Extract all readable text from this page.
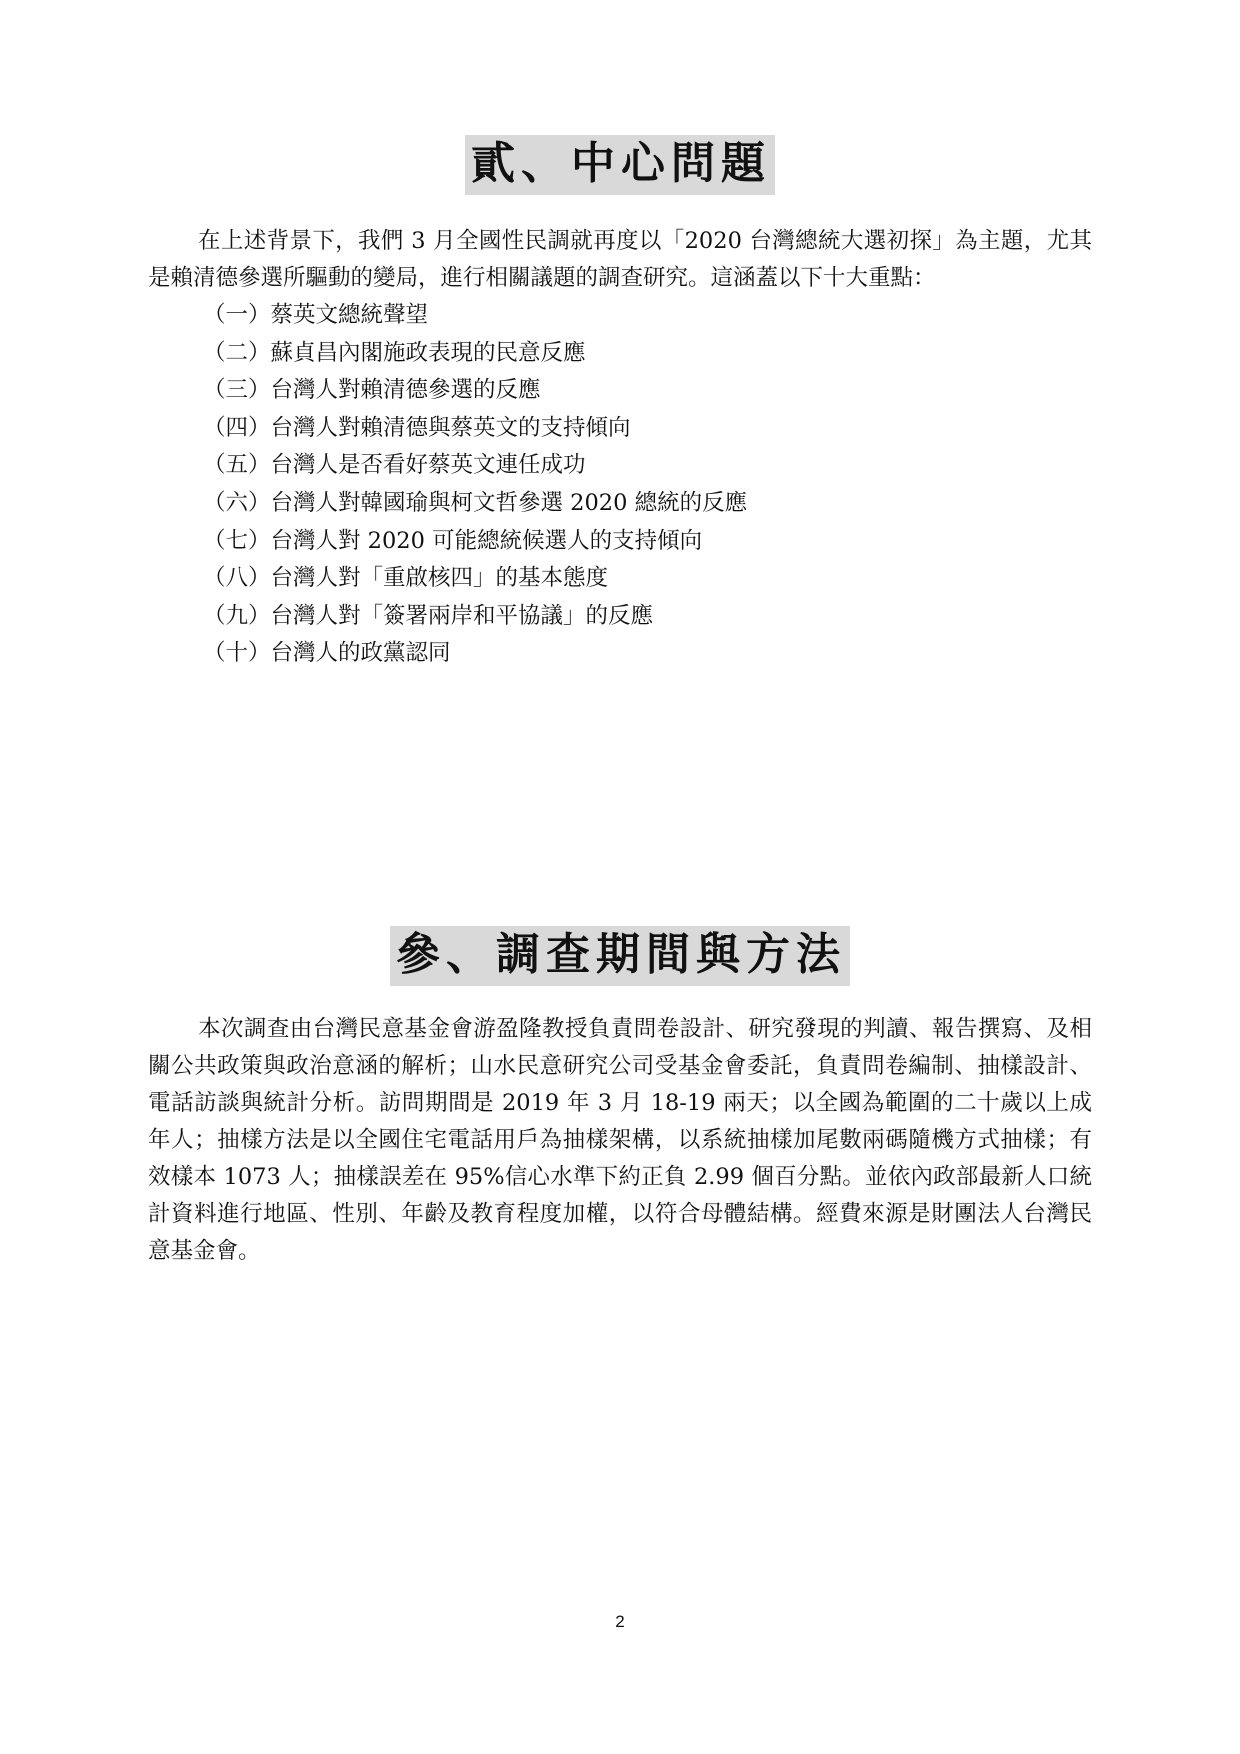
貳、中心問題

在上述背景下，我們 3 月全國性民調就再度以「2020 台灣總統大選初探」為主題，尤其是賴清德參選所驅動的變局，進行相關議題的調查研究。這涵蓋以下十大重點：

（一）蔡英文總統聲望
（二）蘇貞昌內閣施政表現的民意反應
（三）台灣人對賴清德參選的反應
（四）台灣人對賴清德與蔡英文的支持傾向
（五）台灣人是否看好蔡英文連任成功
（六）台灣人對韓國瑜與柯文哲參選 2020 總統的反應
（七）台灣人對 2020 可能總統候選人的支持傾向
（八）台灣人對「重啟核四」的基本態度
（九）台灣人對「簽署兩岸和平協議」的反應
（十）台灣人的政黨認同
參、調查期間與方法

本次調查由台灣民意基金會游盈隆教授負責問卷設計、研究發現的判讀、報告撰寫、及相關公共政策與政治意涵的解析；山水民意研究公司受基金會委託，負責問卷編制、抽樣設計、電話訪談與統計分析。訪問期間是 2019 年 3 月 18-19 兩天；以全國為範圍的二十歲以上成年人；抽樣方法是以全國住宅電話用戶為抽樣架構，以系統抽樣加尾數兩碼隨機方式抽樣；有效樣本 1073 人；抽樣誤差在 95%信心水準下約正負 2.99 個百分點。並依內政部最新人口統計資料進行地區、性別、年齡及教育程度加權，以符合母體結構。經費來源是財團法人台灣民意基金會。

2
